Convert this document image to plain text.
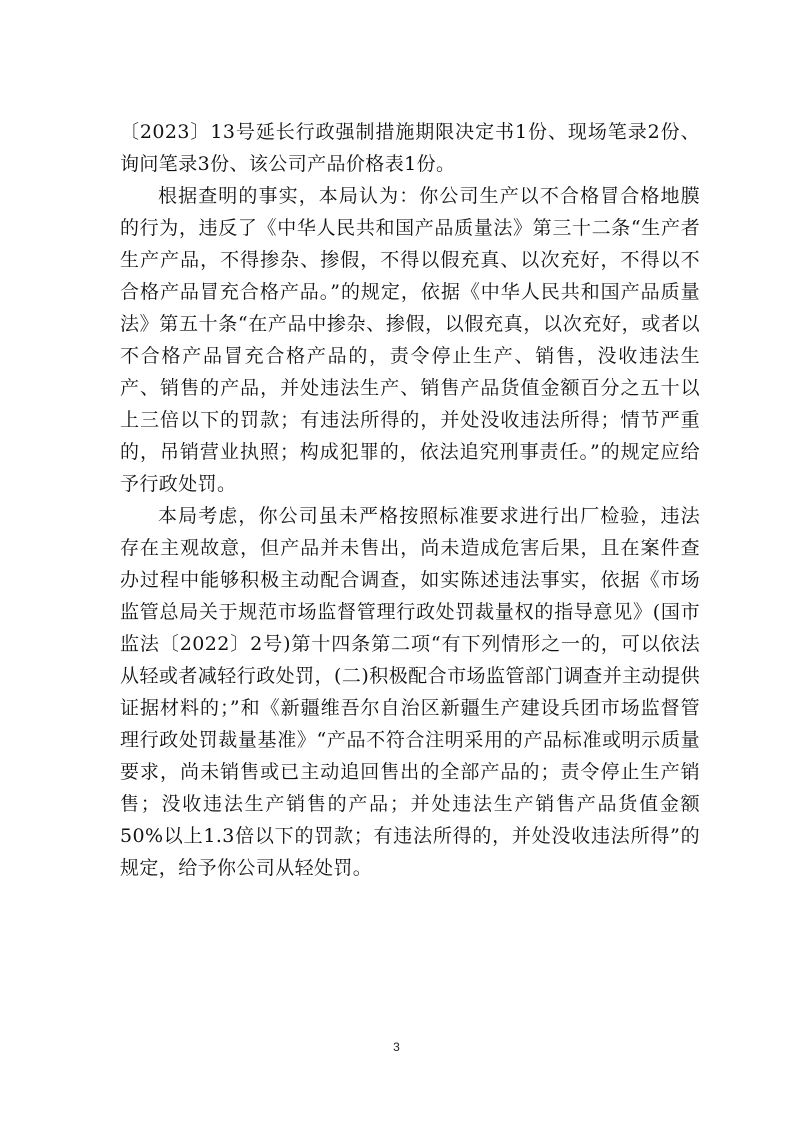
〔2023〕13号延长行政强制措施期限决定书1份、现场笔录2份、询问笔录3份、该公司产品价格表1份。

根据查明的事实，本局认为：你公司生产以不合格冒合格地膜的行为，违反了《中华人民共和国产品质量法》第三十二条“生产者生产产品，不得掺杂、掺假，不得以假充真、以次充好，不得以不合格产品冒充合格产品。”的规定，依据《中华人民共和国产品质量法》第五十条“在产品中掺杂、掺假，以假充真，以次充好，或者以不合格产品冒充合格产品的，责令停止生产、销售，没收违法生产、销售的产品，并处违法生产、销售产品货值金额百分之五十以上三倍以下的罚款；有违法所得的，并处没收违法所得；情节严重的，吊销营业执照；构成犯罪的，依法追究刑事责任。”的规定应给予行政处罚。

本局考虑，你公司虽未严格按照标准要求进行出厂检验，违法存在主观故意，但产品并未售出，尚未造成危害后果，且在案件查办过程中能够积极主动配合调查，如实陈述违法事实，依据《市场监管总局关于规范市场监督管理行政处罚裁量权的指导意见》(国市监法〔2022〕2号)第十四条第二项“有下列情形之一的，可以依法从轻或者减轻行政处罚，(二)积极配合市场监管部门调查并主动提供证据材料的；”和《新疆维吾尔自治区新疆生产建设兵团市场监督管理行政处罚裁量基准》“产品不符合注明采用的产品标准或明示质量要求，尚未销售或已主动追回售出的全部产品的；责令停止生产销售；没收违法生产销售的产品；并处违法生产销售产品货值金额50%以上1.3倍以下的罚款；有违法所得的，并处没收违法所得”的规定，给予你公司从轻处罚。

3
